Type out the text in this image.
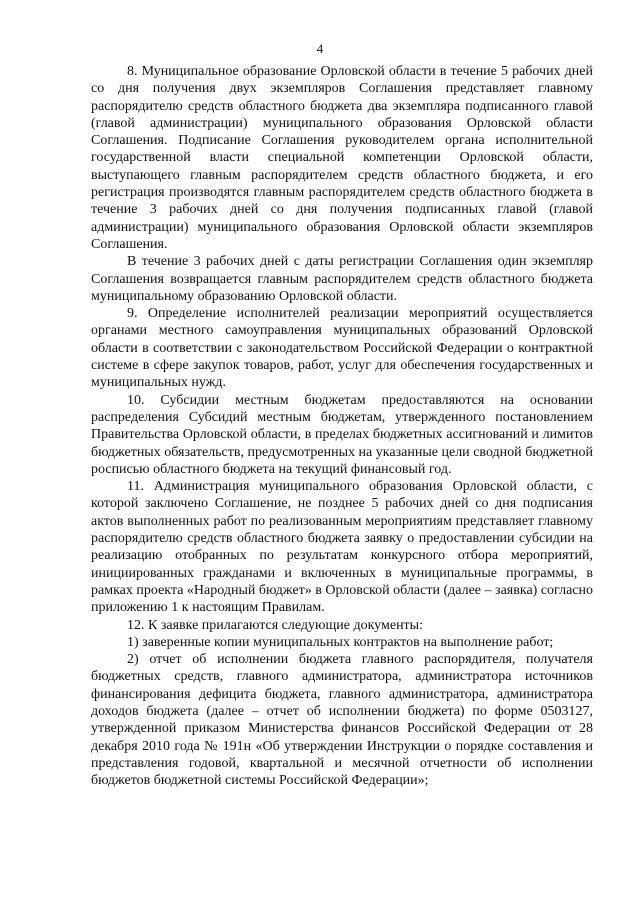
4

8. Муниципальное образование Орловской области в течение 5 рабочих дней со дня получения двух экземпляров Соглашения представляет главному распорядителю средств областного бюджета два экземпляра подписанного главой (главой администрации) муниципального образования Орловской области Соглашения. Подписание Соглашения руководителем органа исполнительной государственной власти специальной компетенции Орловской области, выступающего главным распорядителем средств областного бюджета, и его регистрация производятся главным распорядителем средств областного бюджета в течение 3 рабочих дней со дня получения подписанных главой (главой администрации) муниципального образования Орловской области экземпляров Соглашения.

В течение 3 рабочих дней с даты регистрации Соглашения один экземпляр Соглашения возвращается главным распорядителем средств областного бюджета муниципальному образованию Орловской области.

9. Определение исполнителей реализации мероприятий осуществляется органами местного самоуправления муниципальных образований Орловской области в соответствии с законодательством Российской Федерации о контрактной системе в сфере закупок товаров, работ, услуг для обеспечения государственных и муниципальных нужд.

10. Субсидии местным бюджетам предоставляются на основании распределения Субсидий местным бюджетам, утвержденного постановлением Правительства Орловской области, в пределах бюджетных ассигнований и лимитов бюджетных обязательств, предусмотренных на указанные цели сводной бюджетной росписью областного бюджета на текущий финансовый год.

11. Администрация муниципального образования Орловской области, с которой заключено Соглашение, не позднее 5 рабочих дней со дня подписания актов выполненных работ по реализованным мероприятиям представляет главному распорядителю средств областного бюджета заявку о предоставлении субсидии на реализацию отобранных по результатам конкурсного отбора мероприятий, инициированных гражданами и включенных в муниципальные программы, в рамках проекта «Народный бюджет» в Орловской области (далее – заявка) согласно приложению 1 к настоящим Правилам.

12. К заявке прилагаются следующие документы:

1) заверенные копии муниципальных контрактов на выполнение работ;

2) отчет об исполнении бюджета главного распорядителя, получателя бюджетных средств, главного администратора, администратора источников финансирования дефицита бюджета, главного администратора, администратора доходов бюджета (далее – отчет об исполнении бюджета) по форме 0503127, утвержденной приказом Министерства финансов Российской Федерации от 28 декабря 2010 года № 191н «Об утверждении Инструкции о порядке составления и представления годовой, квартальной и месячной отчетности об исполнении бюджетов бюджетной системы Российской Федерации»;
